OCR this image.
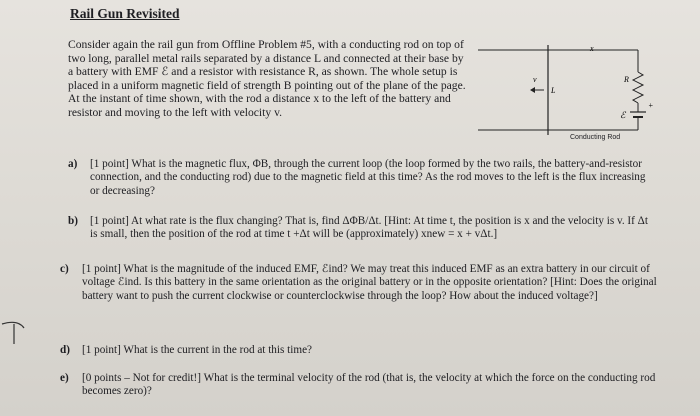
Rail Gun Revisited

Consider again the rail gun from Offline Problem #5, with a conducting rod on top of two long, parallel metal rails separated by a distance L and connected at their base by a battery with EMF ℰ and a resistor with resistance R, as shown. The whole setup is placed in a uniform magnetic field of strength B pointing out of the plane of the page. At the instant of time shown, with the rod a distance x to the left of the battery and resistor and moving to the left with velocity v.

x
v
L
R
ℰ
+
Conducting Rod
a) [1 point] What is the magnetic flux, ΦB, through the current loop (the loop formed by the two rails, the battery-and-resistor connection, and the conducting rod) due to the magnetic field at this time? As the rod moves to the left is the flux increasing or decreasing?
b) [1 point] At what rate is the flux changing? That is, find ΔΦB/Δt. [Hint: At time t, the position is x and the velocity is v. If Δt is small, then the position of the rod at time t +Δt will be (approximately) xnew = x + vΔt.]
c) [1 point] What is the magnitude of the induced EMF, ℰind? We may treat this induced EMF as an extra battery in our circuit of voltage ℰind. Is this battery in the same orientation as the original battery or in the opposite orientation? [Hint: Does the original battery want to push the current clockwise or counterclockwise through the loop? How about the induced voltage?]
d) [1 point] What is the current in the rod at this time?
e) [0 points – Not for credit!] What is the terminal velocity of the rod (that is, the velocity at which the force on the conducting rod becomes zero)?
